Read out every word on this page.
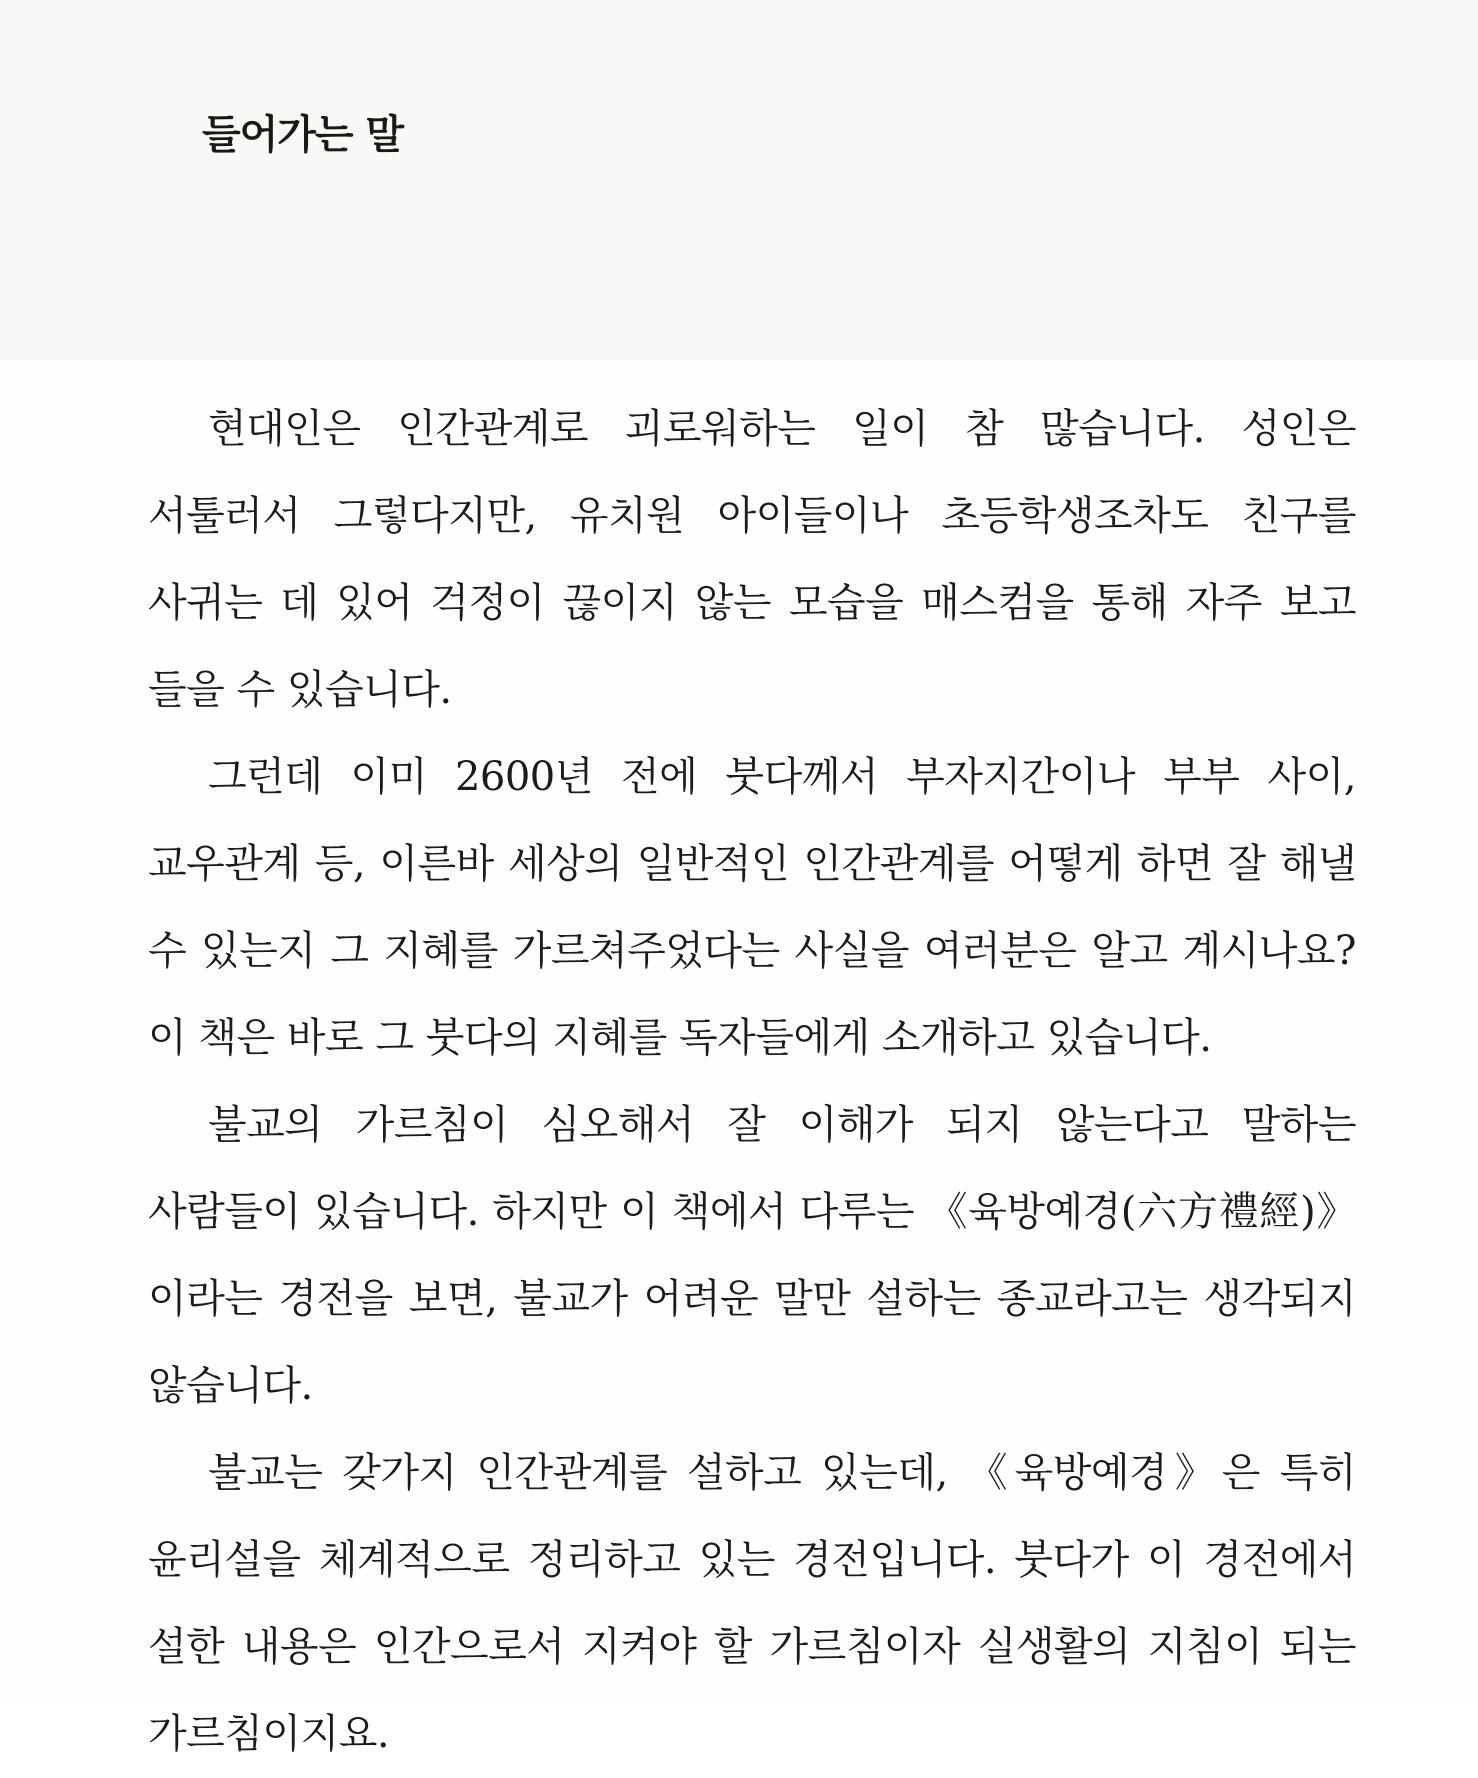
들어가는 말

현대인은 인간관계로 괴로워하는 일이 참 많습니다. 성인은 서툴러서 그렇다지만, 유치원 아이들이나 초등학생조차도 친구를 사귀는 데 있어 걱정이 끊이지 않는 모습을 매스컴을 통해 자주 보고 들을 수 있습니다.

그런데 이미 2600년 전에 붓다께서 부자지간이나 부부 사이, 교우관계 등, 이른바 세상의 일반적인 인간관계를 어떻게 하면 잘 해낼 수 있는지 그 지혜를 가르쳐주었다는 사실을 여러분은 알고 계시나요? 이 책은 바로 그 붓다의 지혜를 독자들에게 소개하고 있습니다.

불교의 가르침이 심오해서 잘 이해가 되지 않는다고 말하는 사람들이 있습니다. 하지만 이 책에서 다루는 《육방예경(六方禮經)》이라는 경전을 보면, 불교가 어려운 말만 설하는 종교라고는 생각되지 않습니다.

불교는 갖가지 인간관계를 설하고 있는데, 《육방예경》은 특히 윤리설을 체계적으로 정리하고 있는 경전입니다. 붓다가 이 경전에서 설한 내용은 인간으로서 지켜야 할 가르침이자 실생활의 지침이 되는 가르침이지요.
